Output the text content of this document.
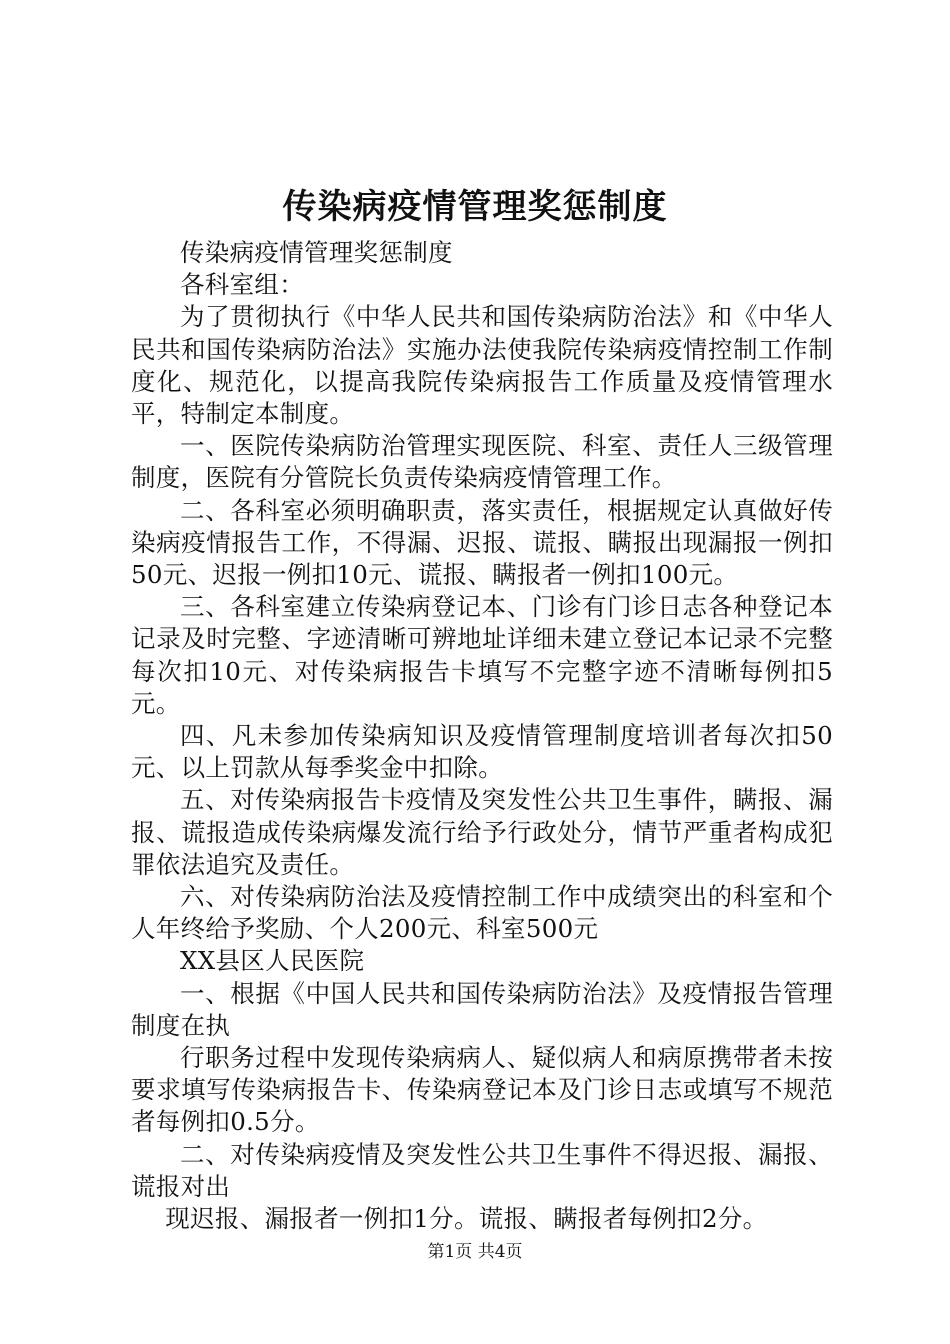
传染病疫情管理奖惩制度

传染病疫情管理奖惩制度

各科室组：

为了贯彻执行《中华人民共和国传染病防治法》和《中华人民共和国传染病防治法》实施办法使我院传染病疫情控制工作制度化、规范化，以提高我院传染病报告工作质量及疫情管理水平，特制定本制度。

一、医院传染病防治管理实现医院、科室、责任人三级管理制度，医院有分管院长负责传染病疫情管理工作。

二、各科室必须明确职责，落实责任，根据规定认真做好传染病疫情报告工作，不得漏、迟报、谎报、瞒报出现漏报一例扣50元、迟报一例扣10元、谎报、瞒报者一例扣100元。

三、各科室建立传染病登记本、门诊有门诊日志各种登记本记录及时完整、字迹清晰可辨地址详细未建立登记本记录不完整每次扣10元、对传染病报告卡填写不完整字迹不清晰每例扣5元。

四、凡未参加传染病知识及疫情管理制度培训者每次扣50元、以上罚款从每季奖金中扣除。

五、对传染病报告卡疫情及突发性公共卫生事件，瞒报、漏报、谎报造成传染病爆发流行给予行政处分，情节严重者构成犯罪依法追究及责任。

六、对传染病防治法及疫情控制工作中成绩突出的科室和个人年终给予奖励、个人200元、科室500元

XX县区人民医院

一、根据《中国人民共和国传染病防治法》及疫情报告管理制度在执

行职务过程中发现传染病病人、疑似病人和病原携带者未按要求填写传染病报告卡、传染病登记本及门诊日志或填写不规范者每例扣0.5分。

二、对传染病疫情及突发性公共卫生事件不得迟报、漏报、谎报对出

现迟报、漏报者一例扣1分。谎报、瞒报者每例扣2分。

第1页 共4页
